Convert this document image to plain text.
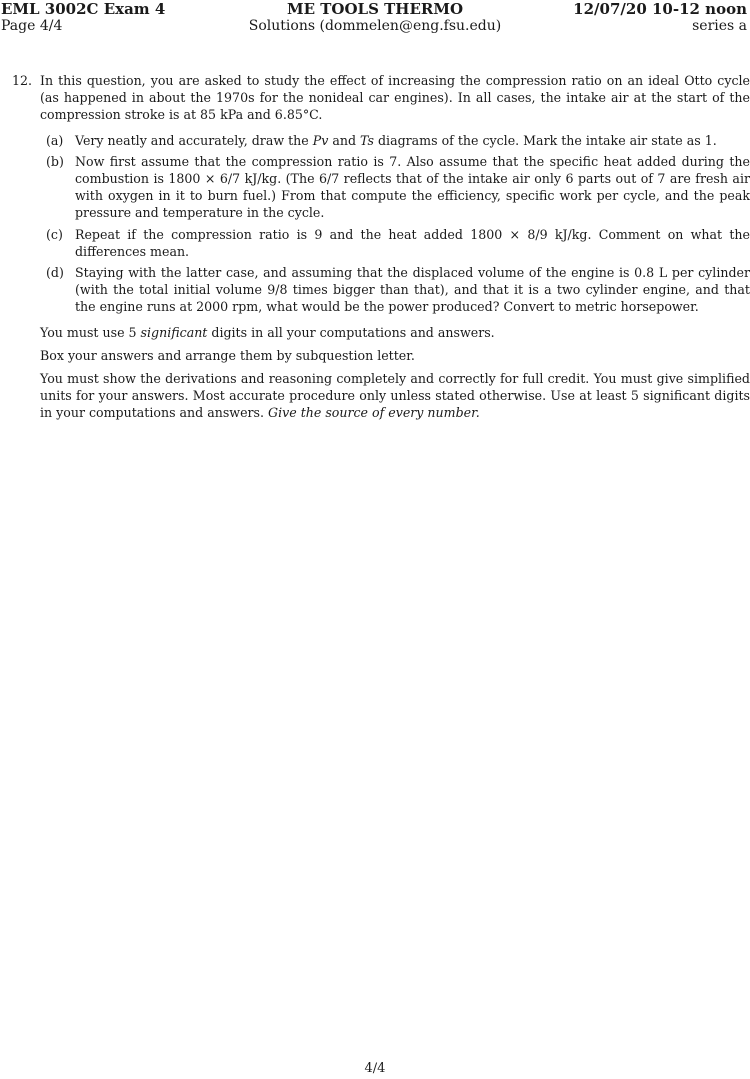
EML 3002C Exam 4	ME TOOLS THERMO	12/07/20 10-12 noon
Page 4/4	Solutions (dommelen@eng.fsu.edu)	series a
12. In this question, you are asked to study the effect of increasing the compression ratio on an ideal Otto cycle (as happened in about the 1970s for the nonideal car engines). In all cases, the intake air at the start of the compression stroke is at 85 kPa and 6.85°C.
(a) Very neatly and accurately, draw the Pv and Ts diagrams of the cycle. Mark the intake air state as 1.
(b) Now first assume that the compression ratio is 7. Also assume that the specific heat added during the combustion is 1800 × 6/7 kJ/kg. (The 6/7 reflects that of the intake air only 6 parts out of 7 are fresh air with oxygen in it to burn fuel.) From that compute the efficiency, specific work per cycle, and the peak pressure and temperature in the cycle.
(c) Repeat if the compression ratio is 9 and the heat added 1800 × 8/9 kJ/kg. Comment on what the differences mean.
(d) Staying with the latter case, and assuming that the displaced volume of the engine is 0.8 L per cylinder (with the total initial volume 9/8 times bigger than that), and that it is a two cylinder engine, and that the engine runs at 2000 rpm, what would be the power produced? Convert to metric horsepower.
You must use 5 significant digits in all your computations and answers.
Box your answers and arrange them by subquestion letter.
You must show the derivations and reasoning completely and correctly for full credit. You must give simplified units for your answers. Most accurate procedure only unless stated otherwise. Use at least 5 significant digits in your computations and answers. Give the source of every number.
4/4
